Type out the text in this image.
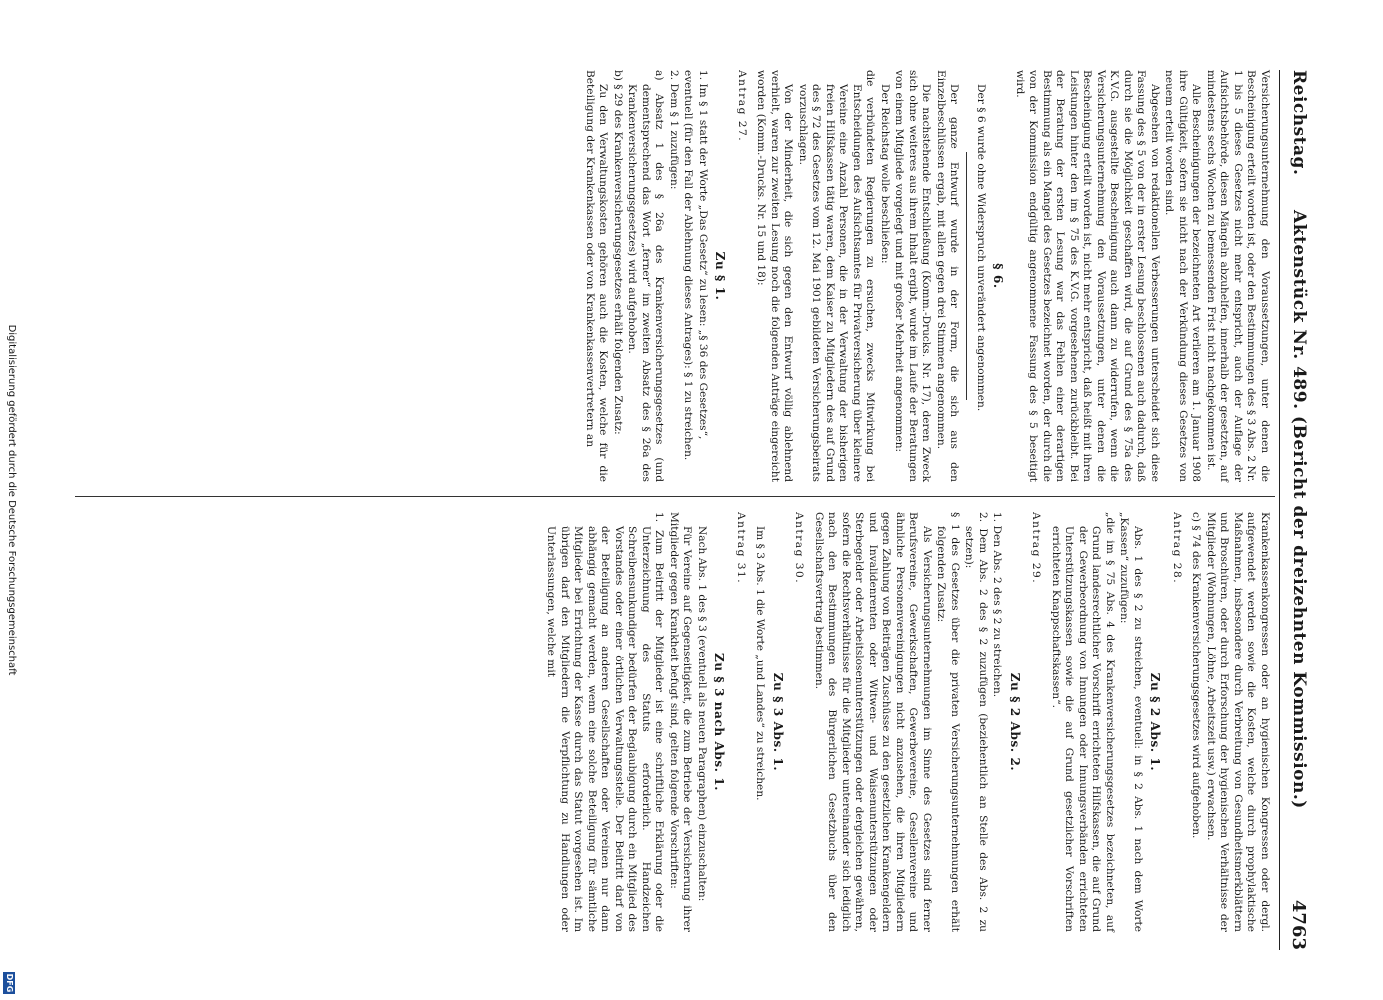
Reichstag.
Aktenstück Nr. 489. (Bericht der dreizehnten Kommission.)
4763

Versicherungsunternehmung den Voraussetzungen, unter denen die Bescheinigung erteilt worden ist, oder den Bestimmungen des § 3 Abs. 2 Nr. 1 bis 5 dieses Gesetzes nicht mehr entspricht, auch der Auflage der Aufsichtsbehörde, diesen Mängeln abzuhelfen, innerhalb der gesetzten, auf mindestens sechs Wochen zu bemessenden Frist nicht nachgekommen ist.

Alle Bescheinigungen der bezeichneten Art verlieren am 1. Januar 1908 ihre Gültigkeit, sofern sie nicht nach der Verkündung dieses Gesetzes von neuem erteilt worden sind.

Abgesehen von redaktionellen Verbesserungen unterscheidet sich diese Fassung des § 5 von der in erster Lesung beschlossenen auch dadurch, daß durch sie die Möglichkeit geschaffen wird, die auf Grund des § 75a des K.V.G. ausgestellte Bescheinigung auch dann zu widerrufen, wenn die Versicherungsunternehmung den Voraussetzungen, unter denen die Bescheinigung erteilt worden ist, nicht mehr entspricht, daß heißt mit ihren Leistungen hinter den im § 75 des K.V.G. vorgesehenen zurückbleibt. Bei der Beratung der ersten Lesung war das Fehlen einer derartigen Bestimmung als ein Mangel des Gesetzes bezeichnet worden, der durch die von der Kommission endgültig angenommene Fassung des § 5 beseitigt wird.

§ 6.

Der § 6 wurde ohne Widerspruch unverändert angenommen.

Der ganze Entwurf wurde in der Form, die sich aus den Einzelbeschlüssen ergab, mit allen gegen drei Stimmen angenommen.

Die nachstehende Entschließung (Komm.-Drucks. Nr. 17), deren Zweck sich ohne weiteres aus ihrem Inhalt ergibt, wurde im Laufe der Beratungen von einem Mitgliede vorgelegt und mit großer Mehrheit angenommen:

Der Reichstag wolle beschließen:

die verbündeten Regierungen zu ersuchen, zwecks Mitwirkung bei Entscheidungen des Aufsichtsamtes für Privatversicherung über kleinere Vereine eine Anzahl Personen, die in der Verwaltung der bisherigen freien Hilfskassen tätig waren, dem Kaiser zu Mitgliedern des auf Grund des § 72 des Gesetzes vom 12. Mai 1901 gebildeten Versicherungsbeirats vorzuschlagen.

Von der Minderheit, die sich gegen den Entwurf völlig ablehnend verhielt, waren zur zweiten Lesung noch die folgenden Anträge eingereicht worden (Komm.-Drucks. Nr. 15 und 18):

Antrag 27.

Zu § 1.

1. Im § 1 statt der Worte „Das Gesetz“ zu lesen: „§ 36 des Gesetzes“,

eventuell (für den Fall der Ablehnung dieses Antrages): § 1 zu streichen.

2. Dem § 1 zuzufügen:

a) Absatz 1 des § 26a des Krankenversicherungsgesetzes (und dementsprechend das Wort „ferner“ im zweiten Absatz des § 26a des Krankenversicherungsgesetzes) wird aufgehoben.

b) § 29 des Krankenversicherungsgesetzes erhält folgenden Zusatz:

Zu den Verwaltungskosten gehören auch die Kosten, welche für die Beteiligung der Krankenkassen oder von Krankenkassenvertretern an

Krankenkassenkongressen oder an hygienischen Kongressen oder dergl. aufgewendet werden sowie die Kosten, welche durch prophylaktische Maßnahmen, insbesondere durch Verbreitung von Gesundheitsmerkblättern und Broschüren, oder durch Erforschung der hygienischen Verhältnisse der Mitglieder (Wohnungen, Löhne, Arbeitszeit usw.) erwachsen.

c) § 74 des Krankenversicherungsgesetzes wird aufgehoben.

Antrag 28.

Zu § 2 Abs. 1.

Abs. 1 des § 2 zu streichen, eventuell: in § 2 Abs. 1 nach dem Worte „Kassen“ zuzufügen:

„die im § 75 Abs. 4 des Krankenversicherungsgesetzes bezeichneten, auf Grund landesrechtlicher Vorschrift errichteten Hilfskassen, die auf Grund der Gewerbeordnung von Innungen oder Innungsverbänden errichteten Unterstützungskassen sowie die auf Grund gesetzlicher Vorschriften errichteten Knappschaftskassen“.

Antrag 29.

Zu § 2 Abs. 2.

1. Den Abs. 2 des § 2 zu streichen.

2. Dem Abs. 2 des § 2 zuzufügen (beziehentlich an Stelle des Abs. 2 zu setzen):

§ 1 des Gesetzes über die privaten Versicherungsunternehmungen erhält folgenden Zusatz:

Als Versicherungsunternehmungen im Sinne des Gesetzes sind ferner Berufsvereine, Gewerkschaften, Gewerbevereine, Gesellenvereine und ähnliche Personenvereinigungen nicht anzusehen, die ihren Mitgliedern gegen Zahlung von Beiträgen Zuschüsse zu den gesetzlichen Krankengeldern und Invalidenrenten oder Witwen- und Waisenunterstützungen oder Sterbegelder oder Arbeitslosenunterstützungen oder dergleichen gewähren, sofern die Rechtsverhältnisse für die Mitglieder untereinander sich lediglich nach den Bestimmungen des Bürgerlichen Gesetzbuchs über den Gesellschaftsvertrag bestimmen.

Antrag 30.

Zu § 3 Abs. 1.

Im § 3 Abs. 1 die Worte „und Landes“ zu streichen.

Antrag 31.

Zu § 3 nach Abs. 1.

Nach Abs. 1 des § 3 (eventuell als neuen Paragraphen) einzuschalten:

Für Vereine auf Gegenseitigkeit, die zum Betriebe der Versicherung ihrer Mitglieder gegen Krankheit befugt sind, gelten folgende Vorschriften:

1. Zum Beitritt der Mitglieder ist eine schriftliche Erklärung oder die Unterzeichnung des Statuts erforderlich. Handzeichen Schreibensunkundiger bedürfen der Beglaubigung durch ein Mitglied des Vorstandes oder einer örtlichen Verwaltungsstelle. Der Beitritt darf von der Beteiligung an anderen Gesellschaften oder Vereinen nur dann abhängig gemacht werden, wenn eine solche Beteiligung für sämtliche Mitglieder bei Errichtung der Kasse durch das Statut vorgesehen ist. Im übrigen darf den Mitgliedern die Verpflichtung zu Handlungen oder Unterlassungen, welche mit

Digitalisierung gefördert durch die Deutsche Forschungsgemeinschaft
DFG
